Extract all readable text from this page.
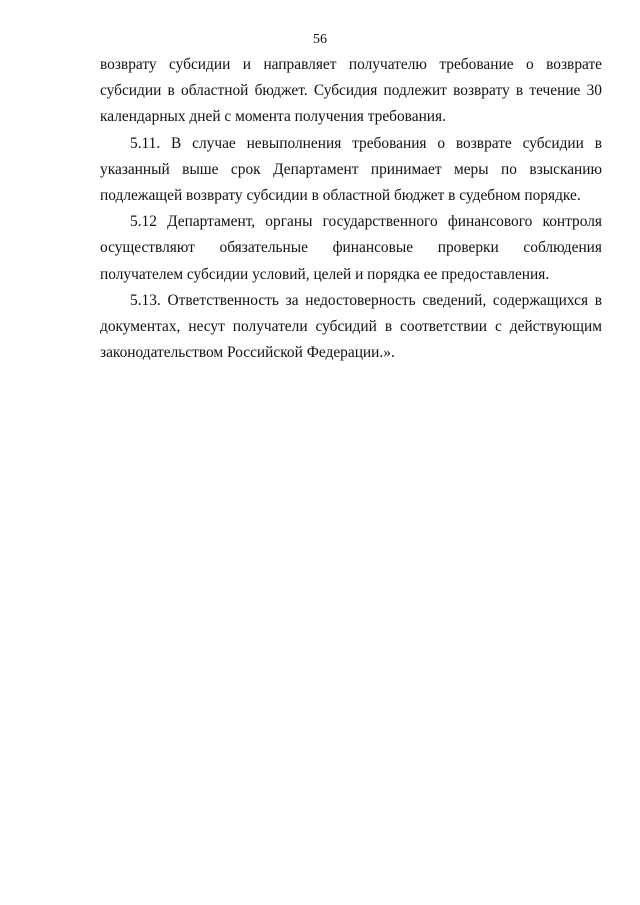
56

возврату субсидии и направляет получателю требование о возврате субсидии в областной бюджет. Субсидия подлежит возврату в течение 30 календарных дней с момента получения требования.

5.11. В случае невыполнения требования о возврате субсидии в указанный выше срок Департамент принимает меры по взысканию подлежащей возврату субсидии в областной бюджет в судебном порядке.

5.12 Департамент, органы государственного финансового контроля осуществляют обязательные финансовые проверки соблюдения получателем субсидии условий, целей и порядка ее предоставления.

5.13. Ответственность за недостоверность сведений, содержащихся в документах, несут получатели субсидий в соответствии с действующим законодательством Российской Федерации.».
